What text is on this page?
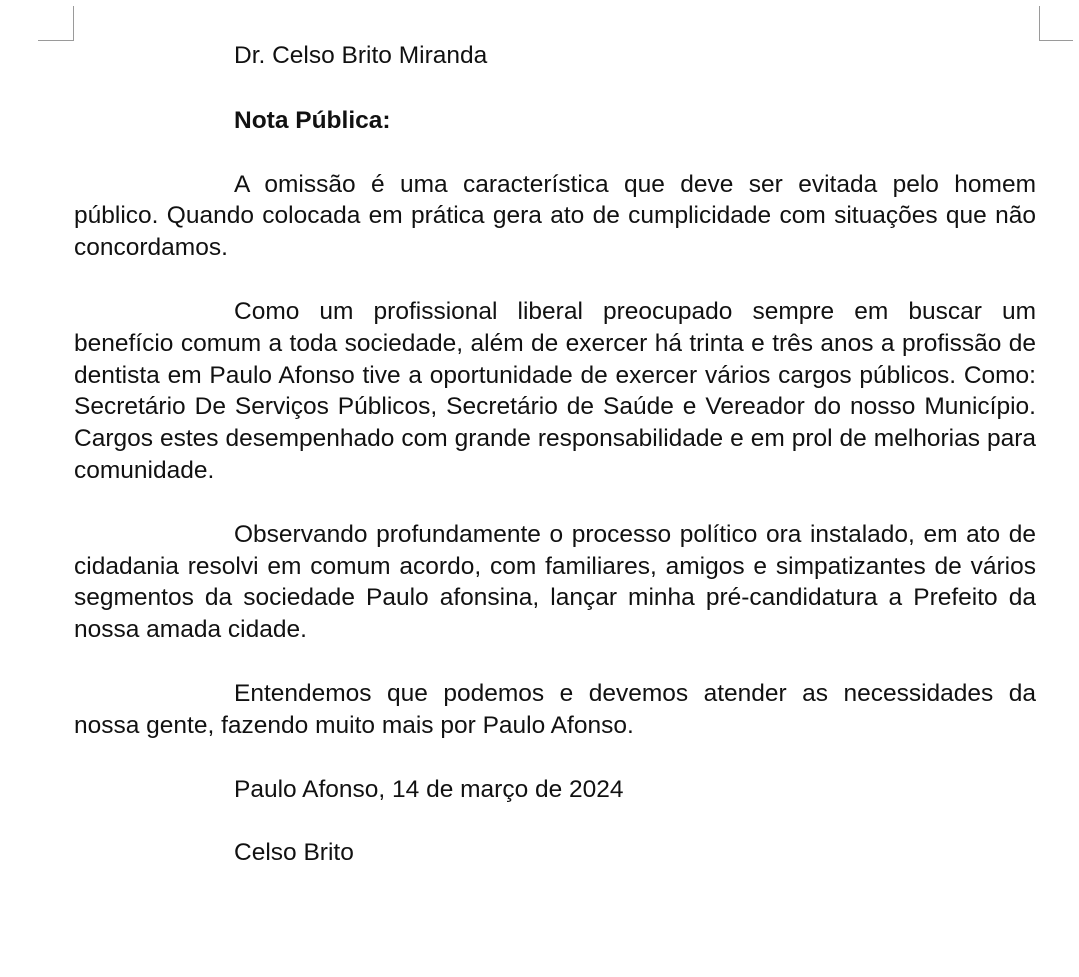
Dr. Celso Brito Miranda

Nota Pública:

A omissão é uma característica que deve ser evitada pelo homem público. Quando colocada em prática gera ato de cumplicidade com situações que não concordamos.

Como um profissional liberal preocupado sempre em buscar um benefício comum a toda sociedade, além de exercer há trinta e três anos a profissão de dentista em Paulo Afonso tive a oportunidade de exercer vários cargos públicos. Como: Secretário De Serviços Públicos, Secretário de Saúde e Vereador do nosso Município. Cargos estes desempenhado com grande responsabilidade e em prol de melhorias para comunidade.

Observando profundamente o processo político ora instalado, em ato de cidadania resolvi em comum acordo, com familiares, amigos e simpatizantes de vários segmentos da sociedade Paulo afonsina, lançar minha pré-candidatura a Prefeito da nossa amada cidade.

Entendemos que podemos e devemos atender as necessidades da nossa gente, fazendo muito mais por Paulo Afonso.

Paulo Afonso, 14 de março de 2024

Celso Brito
